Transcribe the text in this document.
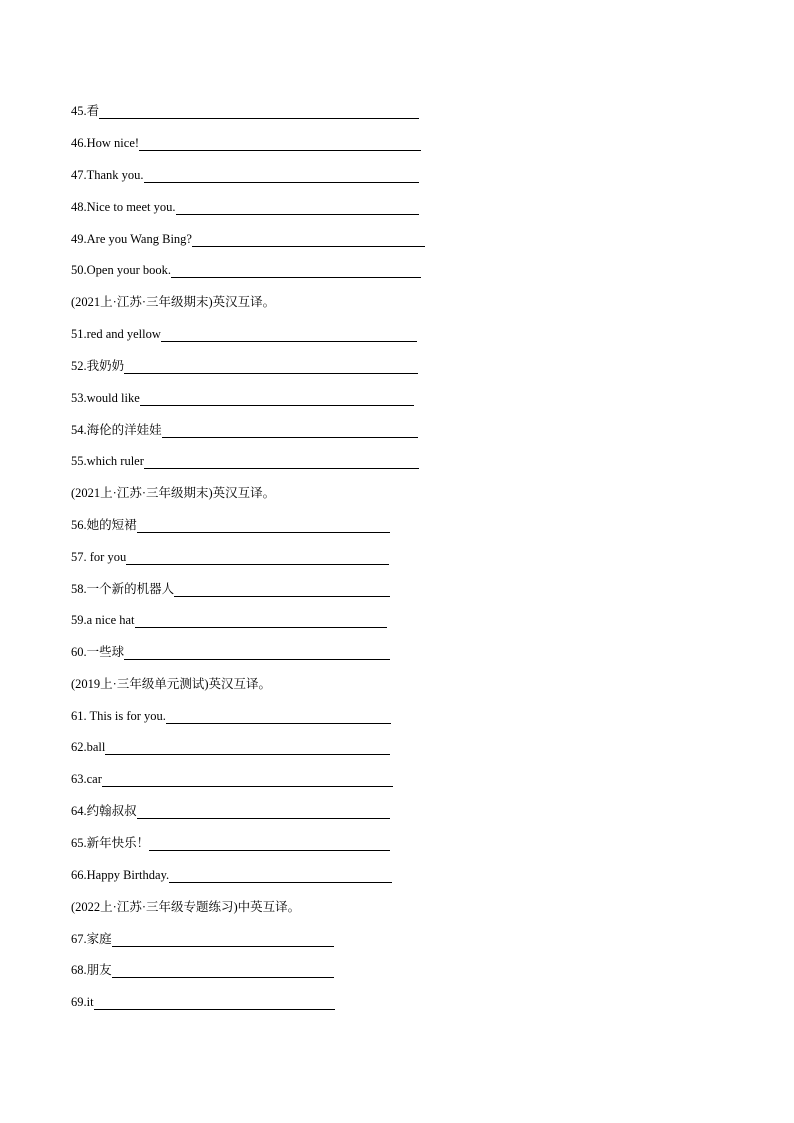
45.看
46.How nice!
47.Thank you.
48.Nice to meet you.
49.Are you Wang Bing?
50.Open your book.
(2021上·江苏·三年级期末)英汉互译。
51.red and yellow
52.我奶奶
53.would like
54.海伦的洋娃娃
55.which ruler
(2021上·江苏·三年级期末)英汉互译。
56.她的短裙
57. for you
58.一个新的机器人
59.a nice hat
60.一些球
(2019上·三年级单元测试)英汉互译。
61. This is for you.
62.ball
63.car
64.约翰叔叔
65.新年快乐！
66.Happy Birthday.
(2022上·江苏·三年级专题练习)中英互译。
67.家庭
68.朋友
69.it
